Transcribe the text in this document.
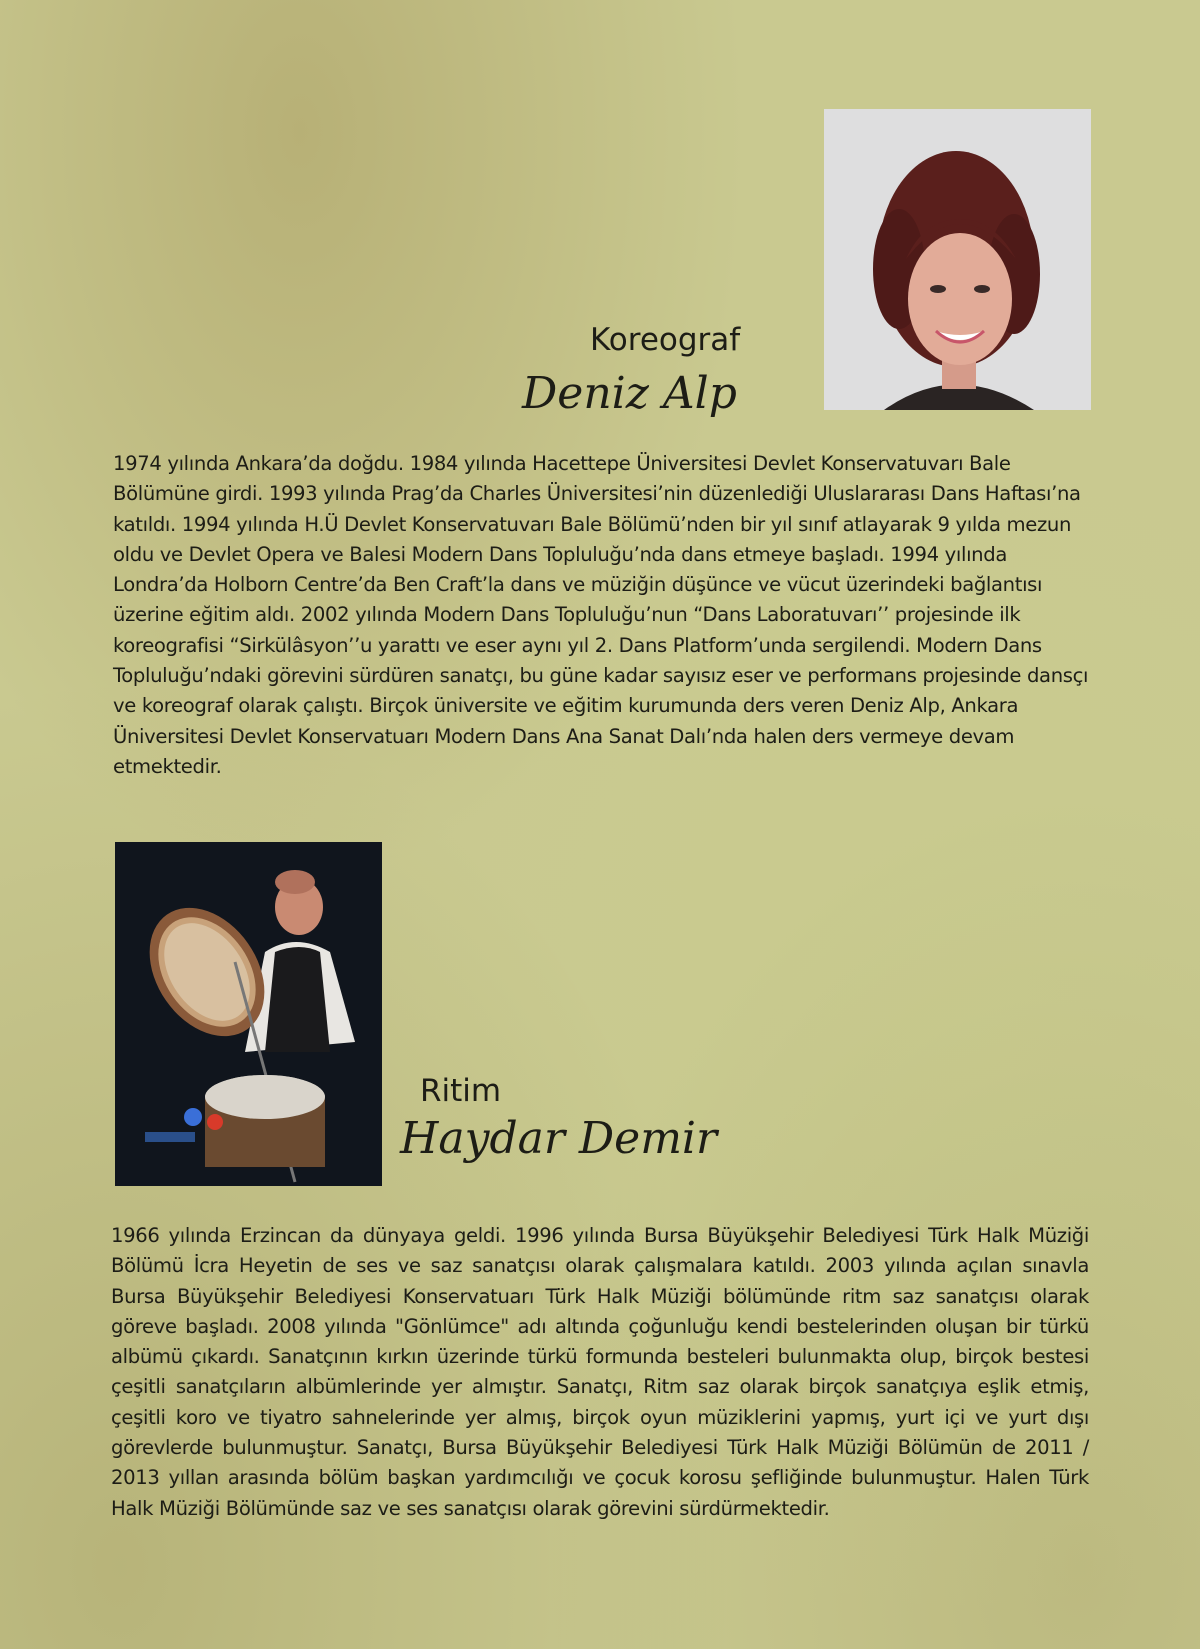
Koreograf
Deniz Alp

1974 yılında Ankara’da doğdu. 1984 yılında Hacettepe Üniversitesi Devlet Konservatuvarı Bale Bölümüne girdi. 1993 yılında Prag’da Charles Üniversitesi’nin düzenlediği Uluslararası Dans Haftası’na katıldı. 1994 yılında H.Ü Devlet Konservatuvarı Bale Bölümü’nden bir yıl sınıf atlayarak 9 yılda mezun oldu ve Devlet Opera ve Balesi Modern Dans Topluluğu’nda dans etmeye başladı. 1994 yılında Londra’da Holborn Centre’da Ben Craft’la dans ve müziğin düşünce ve vücut üzerindeki bağlantısı üzerine eğitim aldı. 2002 yılında Modern Dans Topluluğu’nun “Dans Laboratuvarı’’ projesinde ilk koreografisi “Sirkülâsyon’’u yarattı ve eser aynı yıl 2. Dans Platform’unda sergilendi. Modern Dans Topluluğu’ndaki görevini sürdüren sanatçı, bu güne kadar sayısız eser ve performans projesinde dansçı ve koreograf olarak çalıştı. Birçok üniversite ve eğitim kurumunda ders veren Deniz Alp, Ankara Üniversitesi Devlet Konservatuarı Modern Dans Ana Sanat Dalı’nda halen ders vermeye devam etmektedir.

Ritim
Haydar Demir

1966 yılında Erzincan da dünyaya geldi. 1996 yılında Bursa Büyükşehir Belediyesi Türk Halk Müziği Bölümü İcra Heyetin de ses ve saz sanatçısı olarak çalışmalara katıldı. 2003 yılında açılan sınavla Bursa Büyükşehir Belediyesi Konservatuarı Türk Halk Müziği bölümünde ritm saz sanatçısı olarak göreve başladı. 2008 yılında "Gönlümce" adı altında çoğunluğu kendi bestelerinden oluşan bir türkü albümü çıkardı. Sanatçının kırkın üzerinde türkü formunda besteleri bulunmakta olup, birçok bestesi çeşitli sanatçıların albümlerinde yer almıştır. Sanatçı, Ritm saz olarak birçok sanatçıya eşlik etmiş, çeşitli koro ve tiyatro sahnelerinde yer almış, birçok oyun müziklerini yapmış, yurt içi ve yurt dışı görevlerde bulunmuştur. Sanatçı, Bursa Büyükşehir Belediyesi Türk Halk Müziği Bölümün de 2011 / 2013 yıllan arasında bölüm başkan yardımcılığı ve çocuk korosu şefliğinde bulunmuştur. Halen Türk Halk Müziği Bölümünde saz ve ses sanatçısı olarak görevini sürdürmektedir.
